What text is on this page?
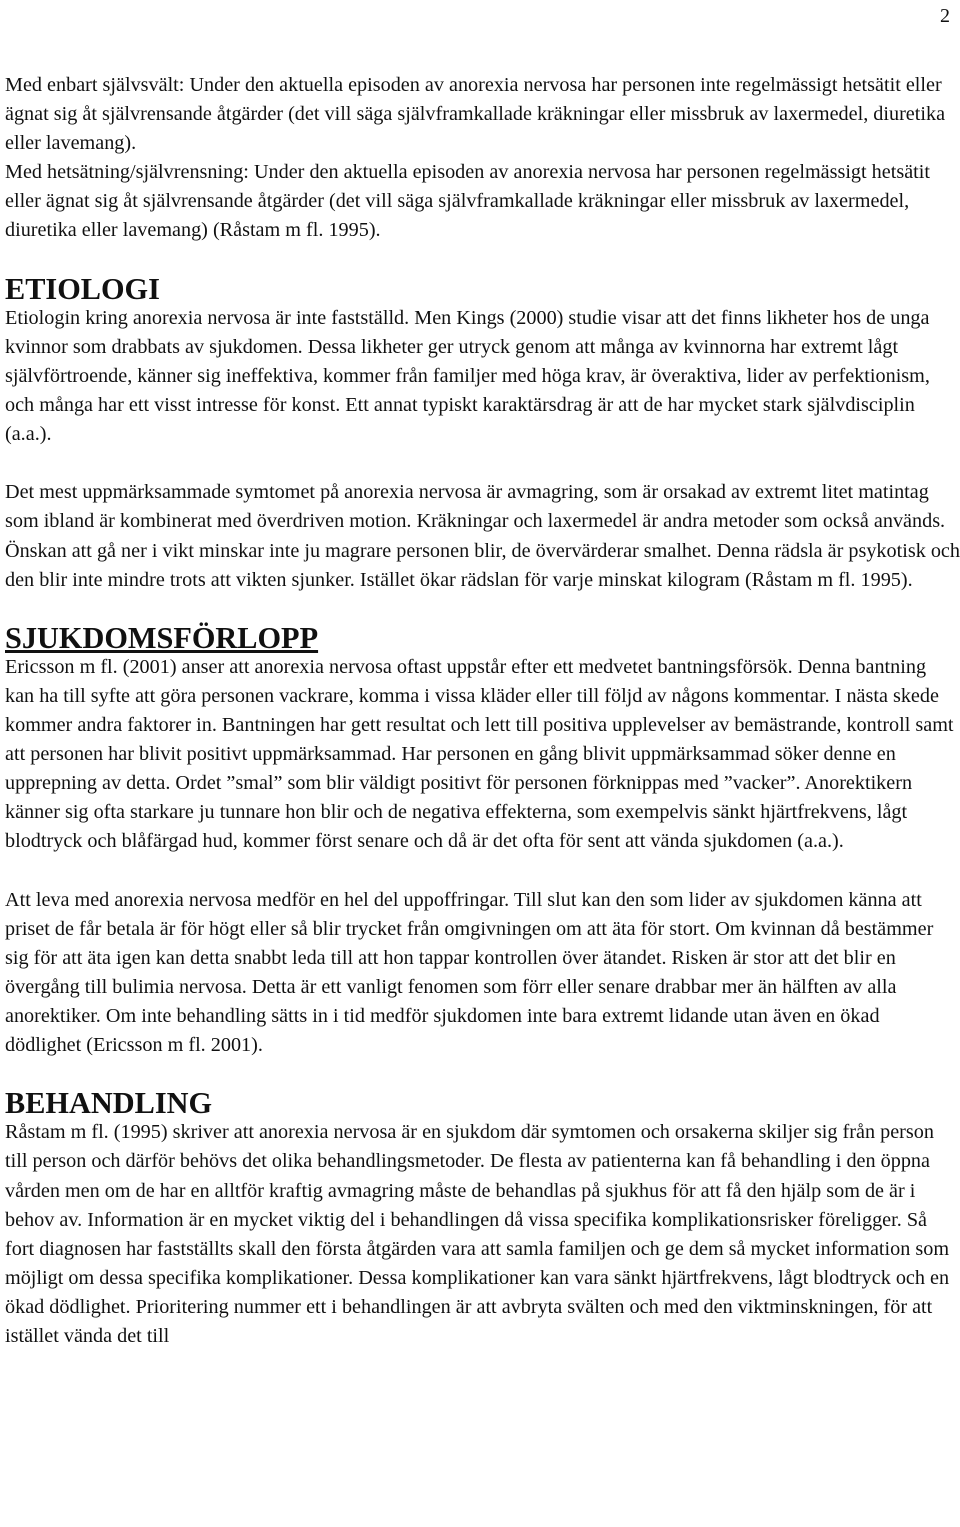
2

Med enbart självsvält: Under den aktuella episoden av anorexia nervosa har personen inte regelmässigt hetsätit eller ägnat sig åt självrensande åtgärder (det vill säga självframkallade kräkningar eller missbruk av laxermedel, diuretika eller lavemang).

Med hetsätning/självrensning: Under den aktuella episoden av anorexia nervosa har personen regelmässigt hetsätit eller ägnat sig åt självrensande åtgärder (det vill säga självframkallade kräkningar eller missbruk av laxermedel, diuretika eller lavemang) (Råstam m fl. 1995).

ETIOLOGI

Etiologin kring anorexia nervosa är inte fastställd. Men Kings (2000) studie visar att det finns likheter hos de unga kvinnor som drabbats av sjukdomen. Dessa likheter ger utryck genom att många av kvinnorna har extremt lågt självförtroende, känner sig ineffektiva, kommer från familjer med höga krav, är överaktiva, lider av perfektionism, och många har ett visst intresse för konst. Ett annat typiskt karaktärsdrag är att de har mycket stark självdisciplin (a.a.).

Det mest uppmärksammade symtomet på anorexia nervosa är avmagring, som är orsakad av extremt litet matintag som ibland är kombinerat med överdriven motion. Kräkningar och laxermedel är andra metoder som också används. Önskan att gå ner i vikt minskar inte ju magrare personen blir, de övervärderar smalhet. Denna rädsla är psykotisk och den blir inte mindre trots att vikten sjunker. Istället ökar rädslan för varje minskat kilogram (Råstam m fl. 1995).

SJUKDOMSFÖRLOPP

Ericsson m fl. (2001) anser att anorexia nervosa oftast uppstår efter ett medvetet bantningsförsök. Denna bantning kan ha till syfte att göra personen vackrare, komma i vissa kläder eller till följd av någons kommentar. I nästa skede kommer andra faktorer in. Bantningen har gett resultat och lett till positiva upplevelser av bemästrande, kontroll samt att personen har blivit positivt uppmärksammad. Har personen en gång blivit uppmärksammad söker denne en upprepning av detta. Ordet ”smal” som blir väldigt positivt för personen förknippas med ”vacker”. Anorektikern känner sig ofta starkare ju tunnare hon blir och de negativa effekterna, som exempelvis sänkt hjärtfrekvens, lågt blodtryck och blåfärgad hud, kommer först senare och då är det ofta för sent att vända sjukdomen (a.a.).

Att leva med anorexia nervosa medför en hel del uppoffringar. Till slut kan den som lider av sjukdomen känna att priset de får betala är för högt eller så blir trycket från omgivningen om att äta för stort. Om kvinnan då bestämmer sig för att äta igen kan detta snabbt leda till att hon tappar kontrollen över ätandet. Risken är stor att det blir en övergång till bulimia nervosa. Detta är ett vanligt fenomen som förr eller senare drabbar mer än hälften av alla anorektiker. Om inte behandling sätts in i tid medför sjukdomen inte bara extremt lidande utan även en ökad dödlighet (Ericsson m fl. 2001).

BEHANDLING

Råstam m fl. (1995) skriver att anorexia nervosa är en sjukdom där symtomen och orsakerna skiljer sig från person till person och därför behövs det olika behandlingsmetoder. De flesta av patienterna kan få behandling i den öppna vården men om de har en alltför kraftig avmagring måste de behandlas på sjukhus för att få den hjälp som de är i behov av. Information är en mycket viktig del i behandlingen då vissa specifika komplikationsrisker föreligger. Så fort diagnosen har fastställts skall den första åtgärden vara att samla familjen och ge dem så mycket information som möjligt om dessa specifika komplikationer. Dessa komplikationer kan vara sänkt hjärtfrekvens, lågt blodtryck och en ökad dödlighet. Prioritering nummer ett i behandlingen är att avbryta svälten och med den viktminskningen, för att istället vända det till
